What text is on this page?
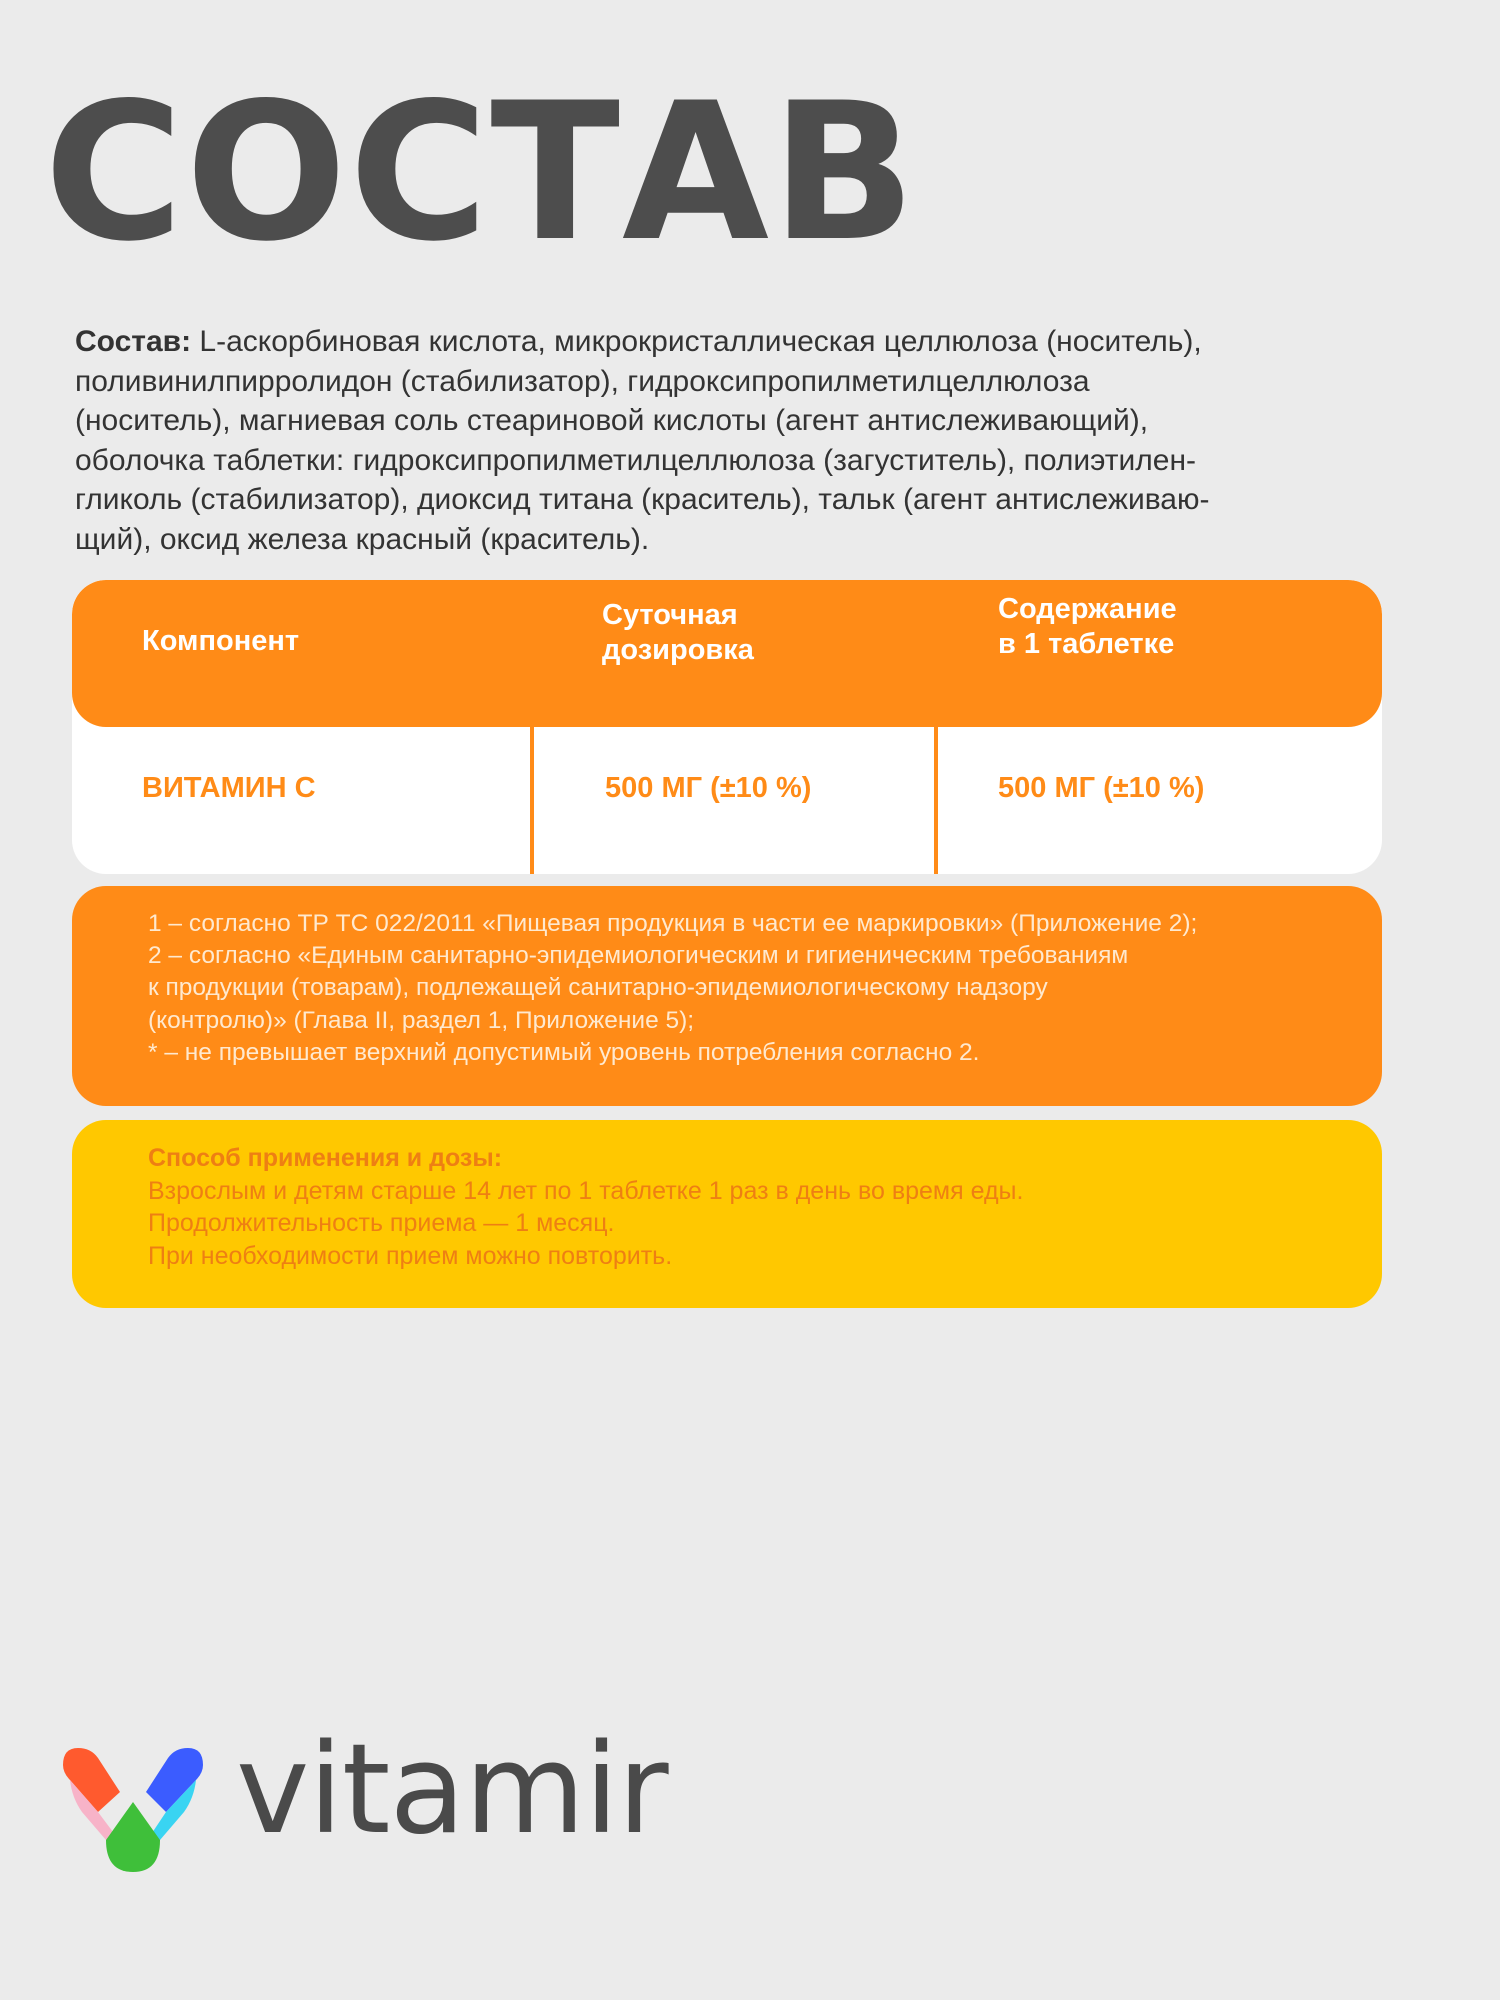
СОСТАВ
Состав: L-аскорбиновая кислота, микрокристаллическая целлюлоза (носитель),
поливинилпирролидон (стабилизатор), гидроксипропилметилцеллюлоза
(носитель), магниевая соль стеариновой кислоты (агент антислеживающий),
оболочка таблетки: гидроксипропилметилцеллюлоза (загуститель), полиэтилен-
гликоль (стабилизатор), диоксид титана (краситель), тальк (агент антислеживаю-
щий), оксид железа красный (краситель).
Компонент
Суточная
дозировка
Содержание
в 1 таблетке
ВИТАМИН С	500 МГ (±10 %)	500 МГ (±10 %)
1 – согласно ТР ТС 022/2011 «Пищевая продукция в части ее маркировки» (Приложение 2);
2 – согласно «Единым санитарно-эпидемиологическим и гигиеническим требованиям
к продукции (товарам), подлежащей санитарно-эпидемиологическому надзору
(контролю)» (Глава II, раздел 1, Приложение 5);
* – не превышает верхний допустимый уровень потребления согласно 2.
Способ применения и дозы:
Взрослым и детям старше 14 лет по 1 таблетке 1 раз в день во время еды.
Продолжительность приема — 1 месяц.
При необходимости прием можно повторить.
vitamir
